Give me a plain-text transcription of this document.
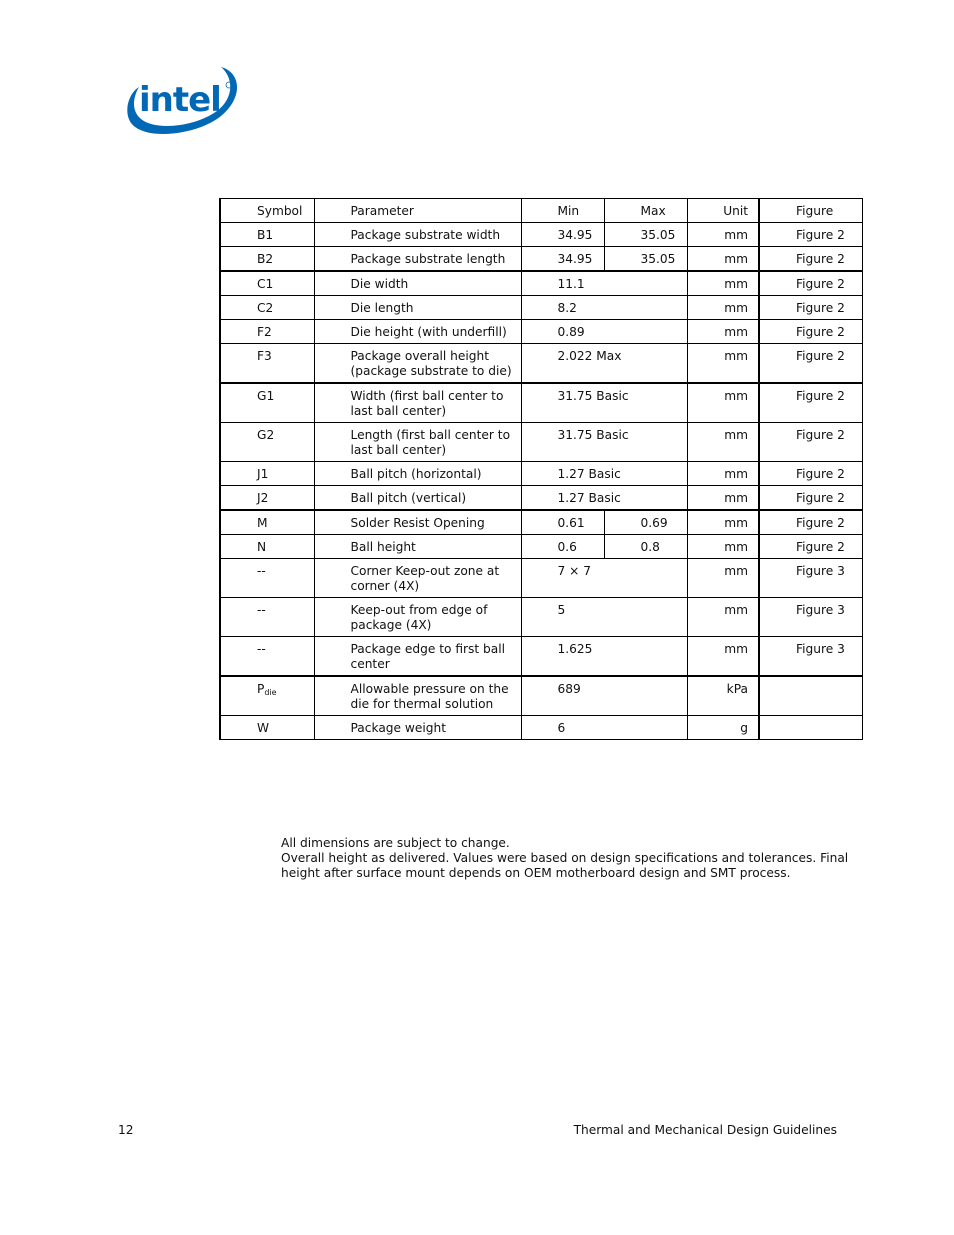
intel
Symbol	Parameter	Min	Max	Unit	Figure
B1	Package substrate width	34.95	35.05	mm	Figure 2
B2	Package substrate length	34.95	35.05	mm	Figure 2
C1	Die width	11.1		mm	Figure 2
C2	Die length	8.2		mm	Figure 2
F2	Die height (with underfill)	0.89		mm	Figure 2
F3	Package overall height (package substrate to die)	2.022 Max		mm	Figure 2
G1	Width (first ball center to last ball center)	31.75 Basic		mm	Figure 2
G2	Length (first ball center to last ball center)	31.75 Basic		mm	Figure 2
J1	Ball pitch (horizontal)	1.27 Basic		mm	Figure 2
J2	Ball pitch (vertical)	1.27 Basic		mm	Figure 2
M	Solder Resist Opening	0.61	0.69	mm	Figure 2
N	Ball height	0.6	0.8	mm	Figure 2
--	Corner Keep-out zone at corner (4X)	7 × 7		mm	Figure 3
--	Keep-out from edge of package (4X)	5		mm	Figure 3
--	Package edge to first ball center	1.625		mm	Figure 3
$P_{die}$	Allowable pressure on the die for thermal solution	689		kPa	
W	Package weight	6		g	
All dimensions are subject to change.
Overall height as delivered. Values were based on design specifications and tolerances. Final height after surface mount depends on OEM motherboard design and SMT process.
12	Thermal and Mechanical Design Guidelines
